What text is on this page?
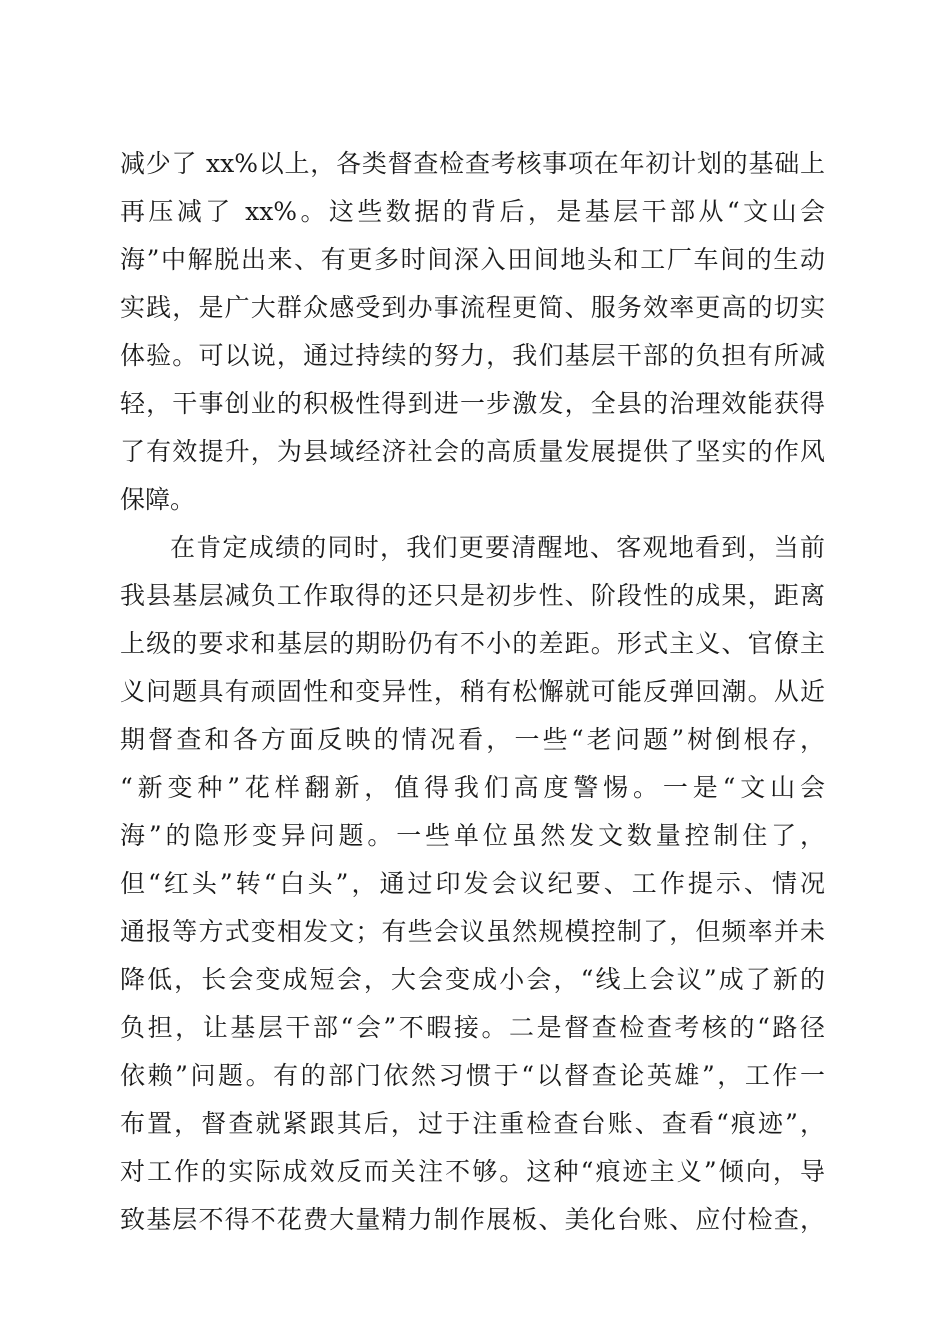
减少了 xx%以上，各类督查检查考核事项在年初计划的基础上

再压减了 xx%。这些数据的背后，是基层干部从“文山会

海”中解脱出来、有更多时间深入田间地头和工厂车间的生动

实践，是广大群众感受到办事流程更简、服务效率更高的切实

体验。可以说，通过持续的努力，我们基层干部的负担有所减

轻，干事创业的积极性得到进一步激发，全县的治理效能获得

了有效提升，为县域经济社会的高质量发展提供了坚实的作风

保障。

在肯定成绩的同时，我们更要清醒地、客观地看到，当前

我县基层减负工作取得的还只是初步性、阶段性的成果，距离

上级的要求和基层的期盼仍有不小的差距。形式主义、官僚主

义问题具有顽固性和变异性，稍有松懈就可能反弹回潮。从近

期督查和各方面反映的情况看，一些“老问题”树倒根存，

“新变种”花样翻新，值得我们高度警惕。一是“文山会

海”的隐形变异问题。一些单位虽然发文数量控制住了，

但“红头”转“白头”，通过印发会议纪要、工作提示、情况

通报等方式变相发文；有些会议虽然规模控制了，但频率并未

降低，长会变成短会，大会变成小会，“线上会议”成了新的

负担，让基层干部“会”不暇接。二是督查检查考核的“路径

依赖”问题。有的部门依然习惯于“以督查论英雄”，工作一

布置，督查就紧跟其后，过于注重检查台账、查看“痕迹”，

对工作的实际成效反而关注不够。这种“痕迹主义”倾向，导

致基层不得不花费大量精力制作展板、美化台账、应付检查，
